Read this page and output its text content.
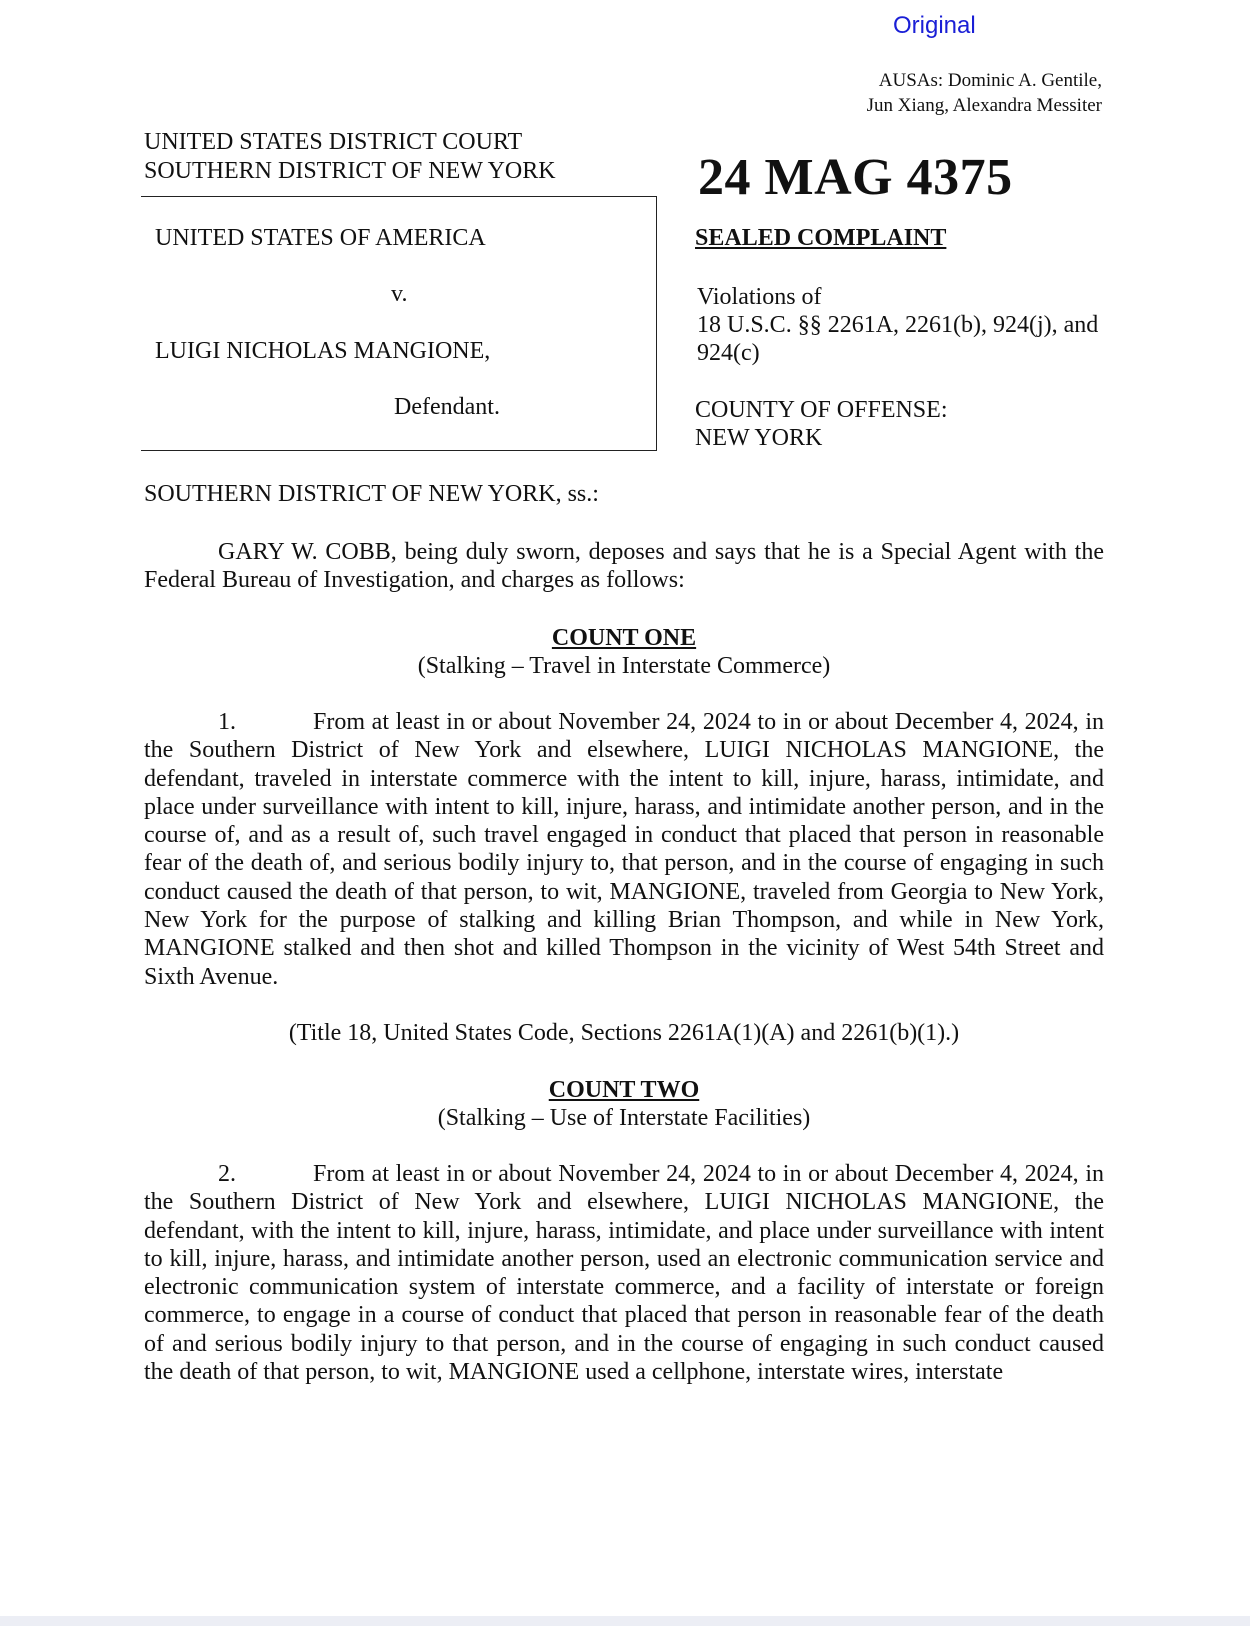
Original
AUSAs: Dominic A. Gentile,
Jun Xiang, Alexandra Messiter
UNITED STATES DISTRICT COURT
SOUTHERN DISTRICT OF NEW YORK
UNITED STATES OF AMERICA
v.
LUIGI NICHOLAS MANGIONE,
Defendant.
24 MAG 4375
SEALED COMPLAINT
Violations of
18 U.S.C. §§ 2261A, 2261(b), 924(j), and
924(c)
COUNTY OF OFFENSE:
NEW YORK
SOUTHERN DISTRICT OF NEW YORK, ss.:
GARY W. COBB, being duly sworn, deposes and says that he is a Special Agent with the Federal Bureau of Investigation, and charges as follows:
COUNT ONE
(Stalking – Travel in Interstate Commerce)
1.	From at least in or about November 24, 2024 to in or about December 4, 2024, in the Southern District of New York and elsewhere, LUIGI NICHOLAS MANGIONE, the defendant, traveled in interstate commerce with the intent to kill, injure, harass, intimidate, and place under surveillance with intent to kill, injure, harass, and intimidate another person, and in the course of, and as a result of, such travel engaged in conduct that placed that person in reasonable fear of the death of, and serious bodily injury to, that person, and in the course of engaging in such conduct caused the death of that person, to wit, MANGIONE, traveled from Georgia to New York, New York for the purpose of stalking and killing Brian Thompson, and while in New York, MANGIONE stalked and then shot and killed Thompson in the vicinity of West 54th Street and Sixth Avenue.
(Title 18, United States Code, Sections 2261A(1)(A) and 2261(b)(1).)
COUNT TWO
(Stalking – Use of Interstate Facilities)
2.	From at least in or about November 24, 2024 to in or about December 4, 2024, in the Southern District of New York and elsewhere, LUIGI NICHOLAS MANGIONE, the defendant, with the intent to kill, injure, harass, intimidate, and place under surveillance with intent to kill, injure, harass, and intimidate another person, used an electronic communication service and electronic communication system of interstate commerce, and a facility of interstate or foreign commerce, to engage in a course of conduct that placed that person in reasonable fear of the death of and serious bodily injury to that person, and in the course of engaging in such conduct caused the death of that person, to wit, MANGIONE used a cellphone, interstate wires, interstate
